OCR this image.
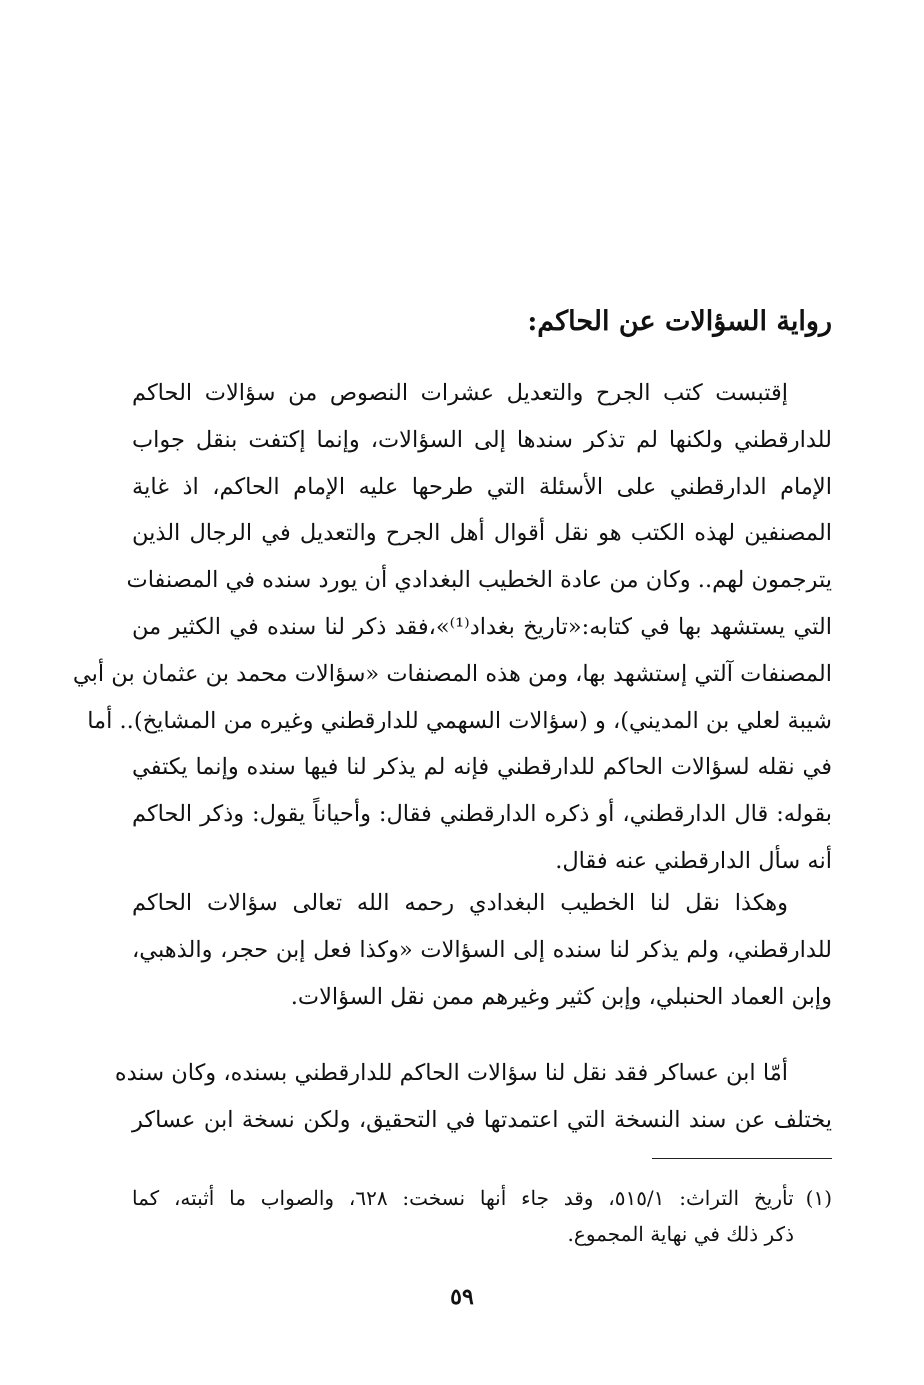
رواية السؤالات عن الحاكم:
إقتبست كتب الجرح والتعديل عشرات النصوص من سؤالات الحاكم
للدارقطني ولكنها لم تذكر سندها إلى السؤالات، وإنما إكتفت بنقل جواب
الإمام الدارقطني على الأسئلة التي طرحها عليه الإمام الحاكم، اذ غاية
المصنفين لهذه الكتب هو نقل أقوال أهل الجرح والتعديل في الرجال الذين
يترجمون لهم.. وكان من عادة الخطيب البغدادي أن يورد سنده في المصنفات
التي يستشهد بها في كتابه:«تاريخ بغداد⁽¹⁾»،فقد ذكر لنا سنده في الكثير من
المصنفات آلتي إستشهد بها، ومن هذه المصنفات «سؤالات محمد بن عثمان بن أبي
شيبة لعلي بن المديني)، و (سؤالات السهمي للدارقطني وغيره من المشايخ).. أما
في نقله لسؤالات الحاكم للدارقطني فإنه لم يذكر لنا فيها سنده وإنما يكتفي
بقوله: قال الدارقطني، أو ذكره الدارقطني فقال: وأحياناً يقول: وذكر الحاكم
أنه سأل الدارقطني عنه فقال.
وهكذا نقل لنا الخطيب البغدادي رحمه الله تعالى سؤالات الحاكم
للدارقطني، ولم يذكر لنا سنده إلى السؤالات «وكذا فعل إبن حجر، والذهبي،
وإبن العماد الحنبلي، وإبن كثير وغيرهم ممن نقل السؤالات.
أمّا ابن عساكر فقد نقل لنا سؤالات الحاكم للدارقطني بسنده، وكان سنده
يختلف عن سند النسخة التي اعتمدتها في التحقيق، ولكن نسخة ابن عساكر
(١)تأريخ التراث: ٥١٥/١، وقد جاء أنها نسخت: ٦٢٨، والصواب ما أثبته، كما
ذكر ذلك في نهاية المجموع.
٥٩
